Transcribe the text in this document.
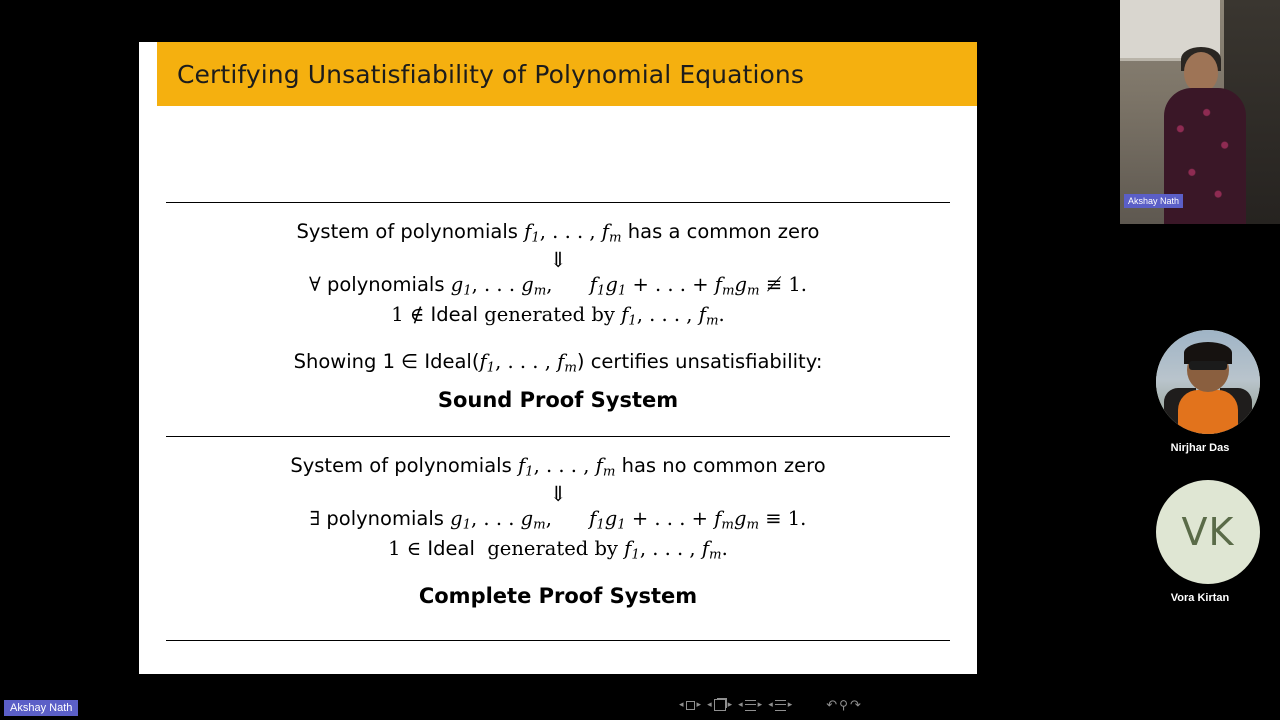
Certifying Unsatisfiability of Polynomial Equations
System of polynomials $f_1$, . . . , $f_m$ has a common zero
⇓
∀ polynomials $g_1$, . . . $g_m$, $f_1g_1$ + . . . + $f_mg_m$ ≢ 1.
1 ∉ Ideal generated by $f_1$, . . . , $f_m$.
Showing 1 ∈ $Ideal(f_1$, . . . , $f_m$) certifies unsatisfiability:
Sound Proof System
System of polynomials $f_1$, . . . , $f_m$ has no common zero
⇓
∃ polynomials $g_1$, . . . $g_m$, $f_1g_1$ + . . . + $f_mg_m \equiv 1$.
1 ∈ Ideal generated by $f_1$, . . . , $f_m$.
Complete Proof System
◂ ▸ ◂ ▸ ◂ ▸ ◂ ▸	↶ ⚲ ↷
Akshay Nath
Nirjhar Das
VK
Vora Kirtan
Akshay Nath
